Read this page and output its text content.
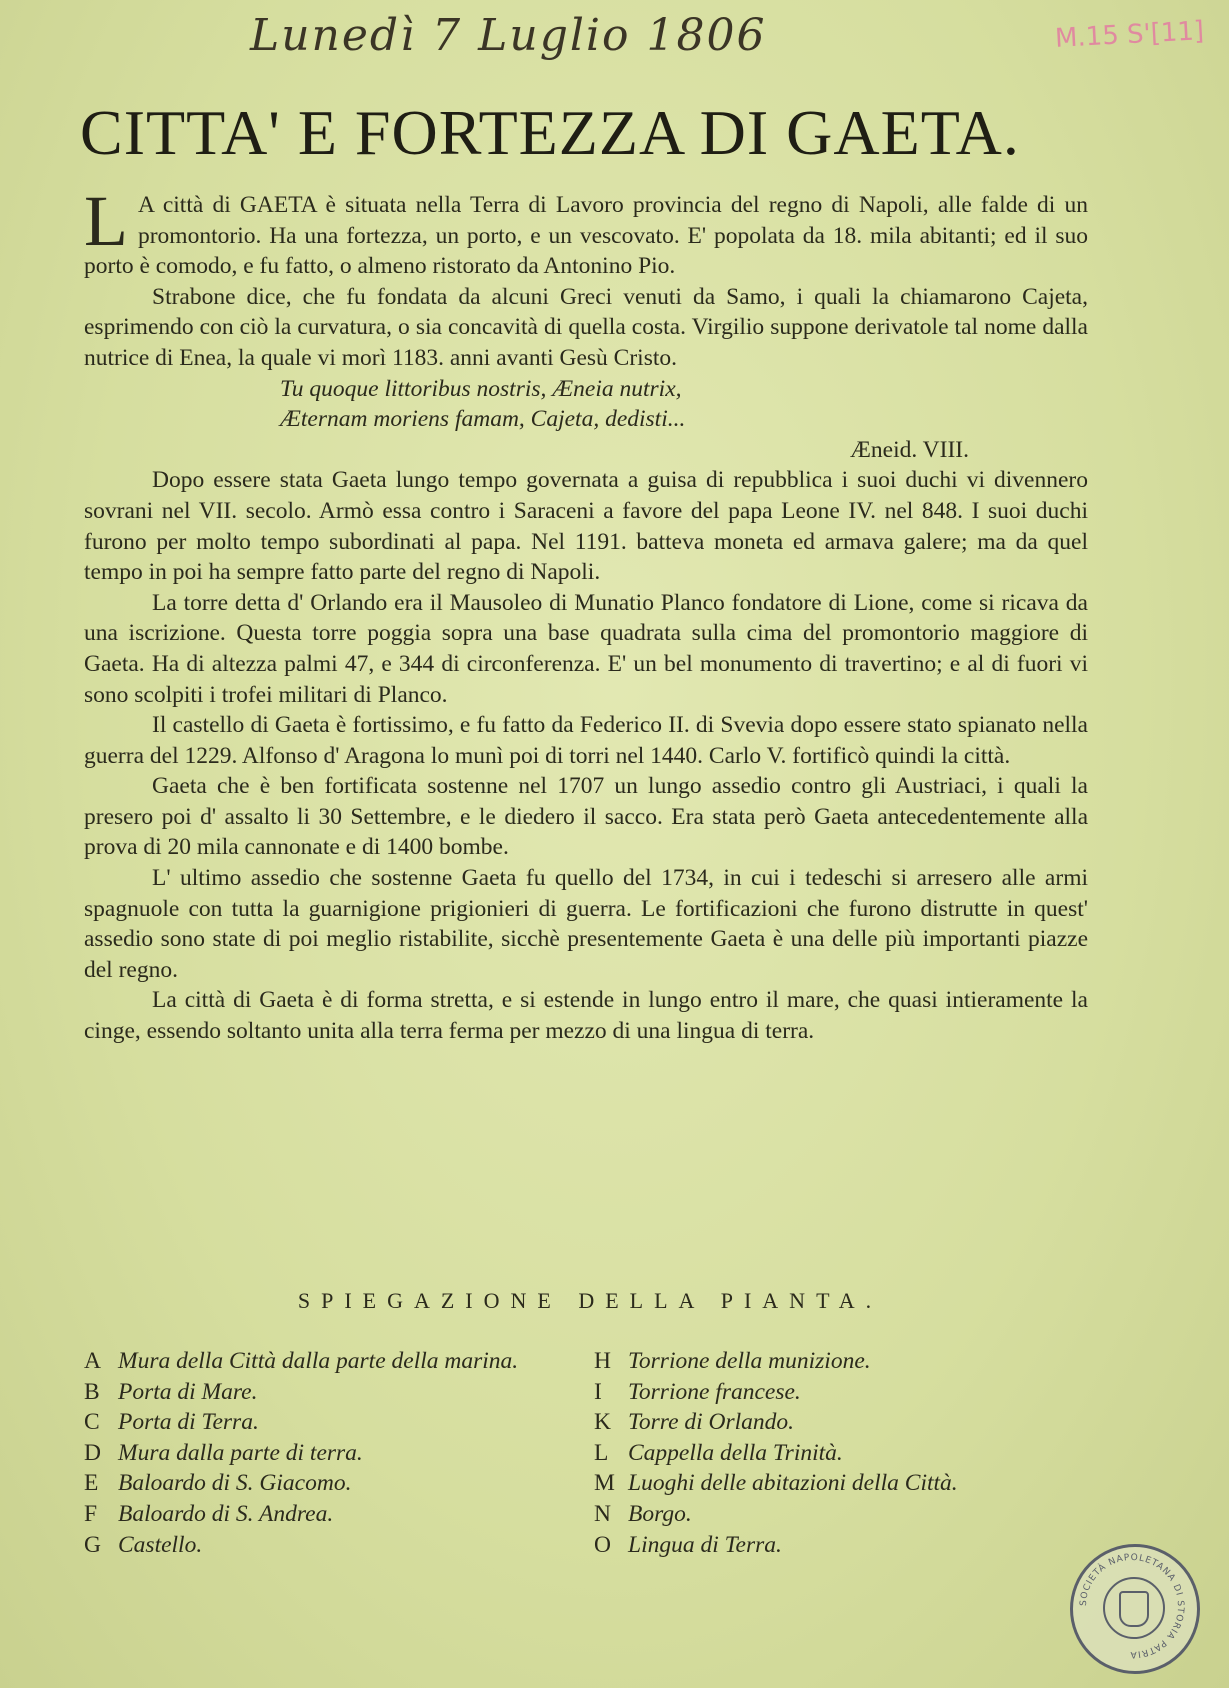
Lunedì 7 Luglio 1806	M.15 S'[11]
CITTA' E FORTEZZA DI GAETA.

L A città di GAETA è situata nella Terra di Lavoro provincia del regno di Napoli, alle falde di un promontorio. Ha una fortezza, un porto, e un vescovato. E' popolata da 18. mila abitanti; ed il suo porto è comodo, e fu fatto, o almeno ristorato da Antonino Pio.

Strabone dice, che fu fondata da alcuni Greci venuti da Samo, i quali la chiamarono Cajeta, esprimendo con ciò la curvatura, o sia concavità di quella costa. Virgilio suppone derivatole tal nome dalla nutrice di Enea, la quale vi morì 1183. anni avanti Gesù Cristo.

Tu quoque littoribus nostris, Æneia nutrix,

Æternam moriens famam, Cajeta, dedisti...

Æneid. VIII.

Dopo essere stata Gaeta lungo tempo governata a guisa di repubblica i suoi duchi vi divennero sovrani nel VII. secolo. Armò essa contro i Saraceni a favore del papa Leone IV. nel 848. I suoi duchi furono per molto tempo subordinati al papa. Nel 1191. batteva moneta ed armava galere; ma da quel tempo in poi ha sempre fatto parte del regno di Napoli.

La torre detta d' Orlando era il Mausoleo di Munatio Planco fondatore di Lione, come si ricava da una iscrizione. Questa torre poggia sopra una base quadrata sulla cima del promontorio maggiore di Gaeta. Ha di altezza palmi 47, e 344 di circonferenza. E' un bel monumento di travertino; e al di fuori vi sono scolpiti i trofei militari di Planco.

Il castello di Gaeta è fortissimo, e fu fatto da Federico II. di Svevia dopo essere stato spianato nella guerra del 1229. Alfonso d' Aragona lo munì poi di torri nel 1440. Carlo V. fortificò quindi la città.

Gaeta che è ben fortificata sostenne nel 1707 un lungo assedio contro gli Austriaci, i quali la presero poi d' assalto li 30 Settembre, e le diedero il sacco. Era stata però Gaeta antecedentemente alla prova di 20 mila cannonate e di 1400 bombe.

L' ultimo assedio che sostenne Gaeta fu quello del 1734, in cui i tedeschi si arresero alle armi spagnuole con tutta la guarnigione prigionieri di guerra. Le fortificazioni che furono distrutte in quest' assedio sono state di poi meglio ristabilite, sicchè presentemente Gaeta è una delle più importanti piazze del regno.

La città di Gaeta è di forma stretta, e si estende in lungo entro il mare, che quasi intieramente la cinge, essendo soltanto unita alla terra ferma per mezzo di una lingua di terra.

SPIEGAZIONE DELLA PIANTA.
A Mura della Città dalla parte della marina.
B Porta di Mare.
C Porta di Terra.
D Mura dalla parte di terra.
E Baloardo di S. Giacomo.
F Baloardo di S. Andrea.
G Castello.
H Torrione della munizione.
I	Torrione francese.
K Torre di Orlando.
L Cappella della Trinità.
M Luoghi delle abitazioni della Città.
N Borgo.
O Lingua di Terra.
SOCIETÀ NAPOLETANA DI STORIA PATRIA
